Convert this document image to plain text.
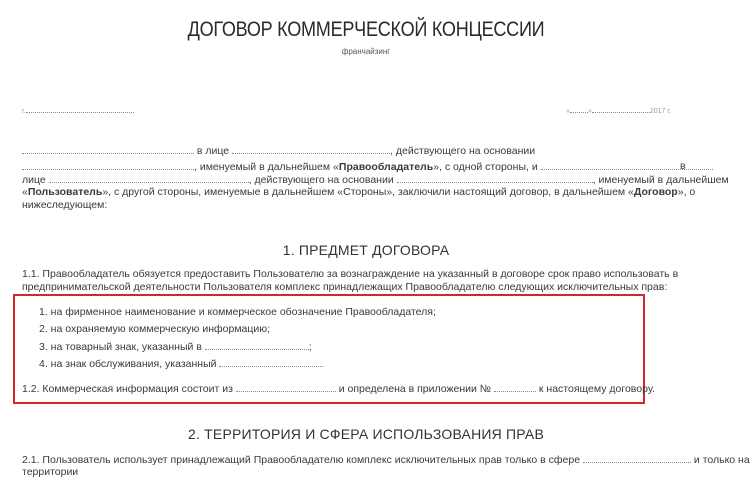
ДОГОВОР КОММЕРЧЕСКОЙ КОНЦЕССИИ
франчайзинг
г.	«	»	2017 г.
в лице	, действующего на основании
, именуемый в дальнейшем «Правообладатель», с одной стороны, и	в
лице	, действующего на основании	, именуемый в дальнейшем
«Пользователь», с другой стороны, именуемые в дальнейшем «Стороны», заключили настоящий договор, в дальнейшем «Договор», о
нижеследующем:
1. ПРЕДМЕТ ДОГОВОРА
1.1. Правообладатель обязуется предоставить Пользователю за вознаграждение на указанный в договоре срок право использовать в
предпринимательской деятельности Пользователя комплекс принадлежащих Правообладателю следующих исключительных прав:
1. на фирменное наименование и коммерческое обозначение Правообладателя;
2. на охраняемую коммерческую информацию;
3. на товарный знак, указанный в	;
4. на знак обслуживания, указанный
1.2. Коммерческая информация состоит из	и определена в приложении №	к настоящему договору.
2. ТЕРРИТОРИЯ И СФЕРА ИСПОЛЬЗОВАНИЯ ПРАВ
2.1. Пользователь использует принадлежащий Правообладателю комплекс исключительных прав только в сфере	и только на
территории
